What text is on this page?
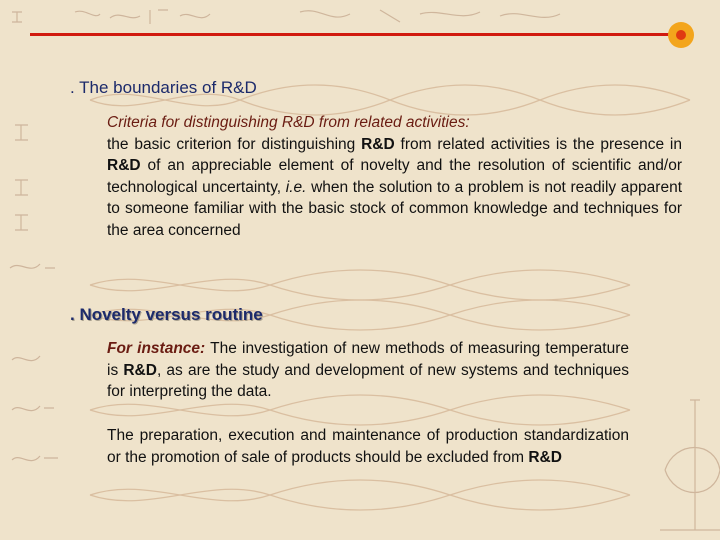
. The boundaries of R&D

Criteria for distinguishing R&D from related activities:
the basic criterion for distinguishing R&D from related activities is the presence in R&D of an appreciable element of novelty and the resolution of scientific and/or technological uncertainty, i.e. when the solution to a problem is not readily apparent to someone familiar with the basic stock of common knowledge and techniques for the area concerned

. Novelty versus routine

For instance: The investigation of new methods of measuring temperature is R&D, as are the study and development of new systems and techniques for interpreting the data.

The preparation, execution and maintenance of production standardization or the promotion of sale of products should be excluded from R&D
